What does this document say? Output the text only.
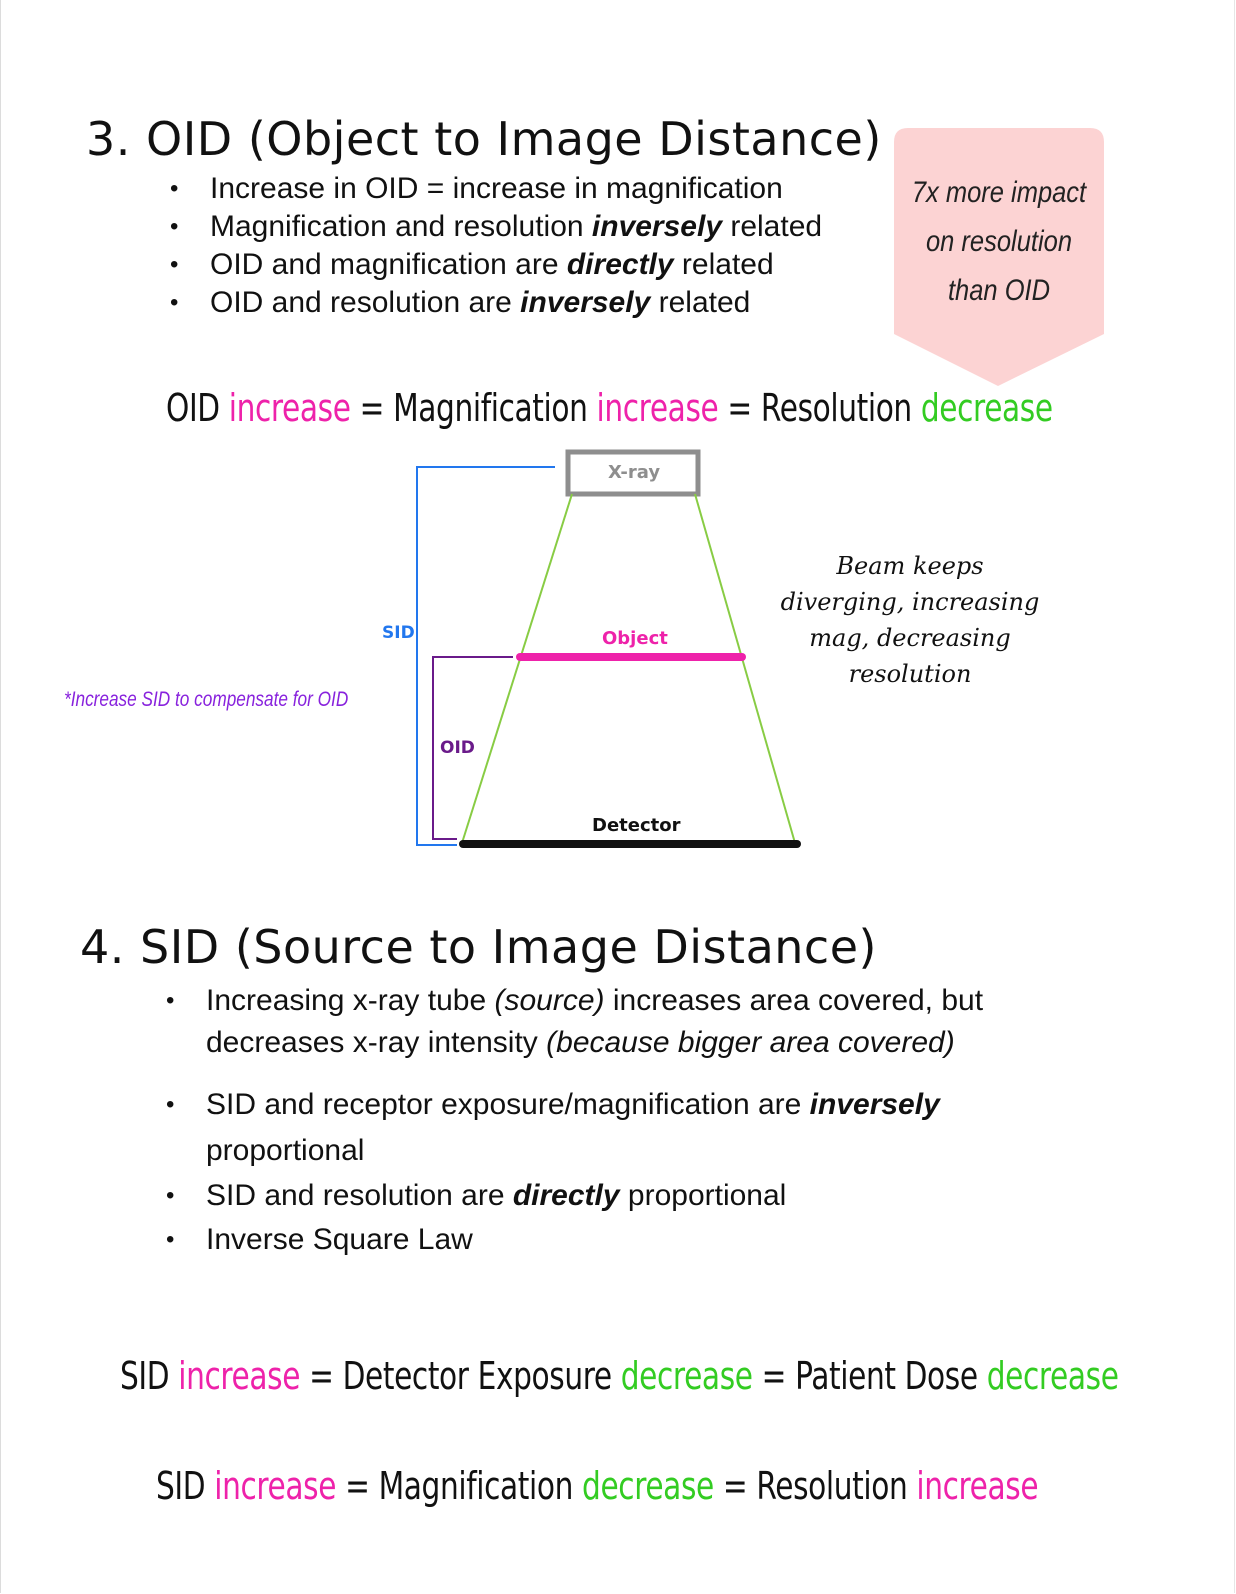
3. OID (Object to Image Distance)
• Increase in OID = increase in magnification
• Magnification and resolution inversely related
• OID and magnification are directly related
• OID and resolution are inversely related
7x more impact
on resolution
than OID
OID increase = Magnification increase = Resolution decrease
X-ray
SID
OID
Object
Detector
*Increase SID to compensate for OID
Beam keeps
diverging, increasing
mag, decreasing
resolution
4. SID (Source to Image Distance)
• Increasing x-ray tube (source) increases area covered, but decreases x-ray intensity (because bigger area covered)
• SID and receptor exposure/magnification are inversely proportional
• SID and resolution are directly proportional
• Inverse Square Law
SID increase = Detector Exposure decrease = Patient Dose decrease
SID increase = Magnification decrease = Resolution increase
